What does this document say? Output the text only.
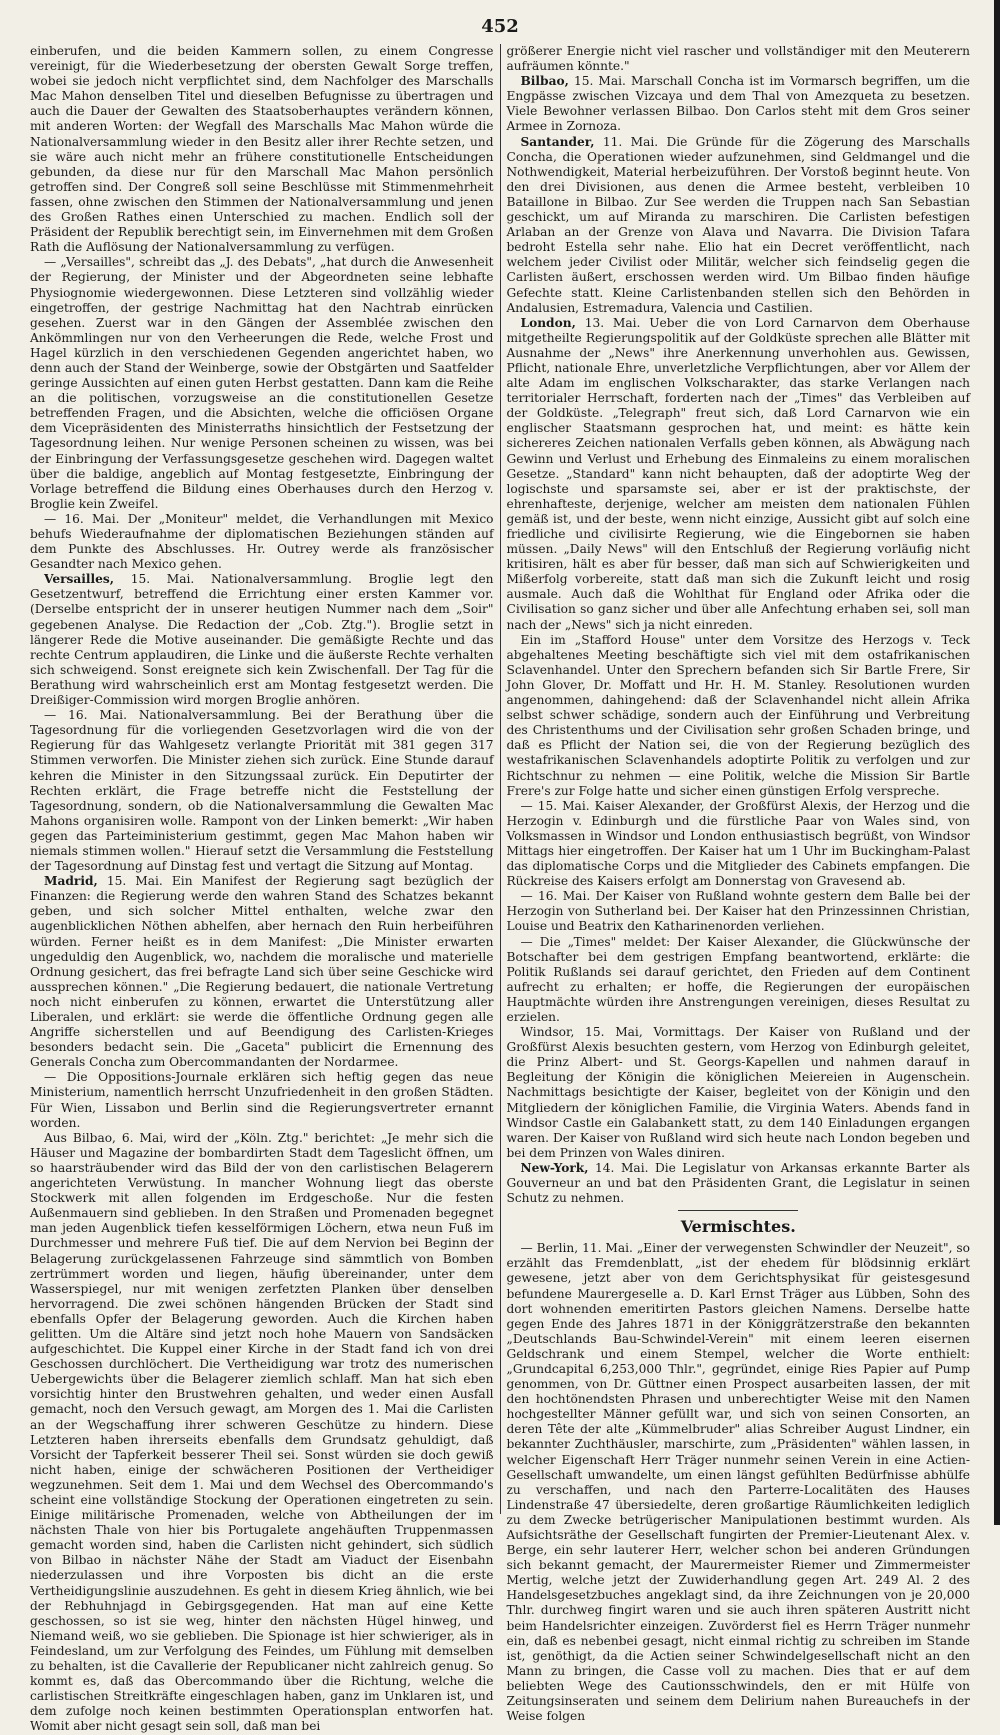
452

einberufen, und die beiden Kammern sollen, zu einem Congresse vereinigt, für die Wiederbesetzung der obersten Gewalt Sorge treffen, wobei sie jedoch nicht verpflichtet sind, dem Nachfolger des Marschalls Mac Mahon denselben Titel und dieselben Befugnisse zu übertragen und auch die Dauer der Gewalten des Staatsoberhauptes verändern können, mit anderen Worten: der Wegfall des Marschalls Mac Mahon würde die Nationalversammlung wieder in den Besitz aller ihrer Rechte setzen, und sie wäre auch nicht mehr an frühere constitutionelle Entscheidungen gebunden, da diese nur für den Marschall Mac Mahon persönlich getroffen sind. Der Congreß soll seine Beschlüsse mit Stimmenmehrheit fassen, ohne zwischen den Stimmen der Nationalversammlung und jenen des Großen Rathes einen Unterschied zu machen. Endlich soll der Präsident der Republik berechtigt sein, im Einvernehmen mit dem Großen Rath die Auflösung der Nationalversammlung zu verfügen.

— „Versailles", schreibt das „J. des Debats", „hat durch die Anwesenheit der Regierung, der Minister und der Abgeordneten seine lebhafte Physiognomie wiedergewonnen. Diese Letzteren sind vollzählig wieder eingetroffen, der gestrige Nachmittag hat den Nachtrab einrücken gesehen. Zuerst war in den Gängen der Assemblée zwischen den Ankömmlingen nur von den Verheerungen die Rede, welche Frost und Hagel kürzlich in den verschiedenen Gegenden angerichtet haben, wo denn auch der Stand der Weinberge, sowie der Obstgärten und Saatfelder geringe Aussichten auf einen guten Herbst gestatten. Dann kam die Reihe an die politischen, vorzugsweise an die constitutionellen Gesetze betreffenden Fragen, und die Absichten, welche die officiösen Organe dem Vicepräsidenten des Ministerraths hinsichtlich der Festsetzung der Tagesordnung leihen. Nur wenige Personen scheinen zu wissen, was bei der Einbringung der Verfassungsgesetze geschehen wird. Dagegen waltet über die baldige, angeblich auf Montag festgesetzte, Einbringung der Vorlage betreffend die Bildung eines Oberhauses durch den Herzog v. Broglie kein Zweifel.

— 16. Mai. Der „Moniteur" meldet, die Verhandlungen mit Mexico behufs Wiederaufnahme der diplomatischen Beziehungen ständen auf dem Punkte des Abschlusses. Hr. Outrey werde als französischer Gesandter nach Mexico gehen.

Versailles, 15. Mai. Nationalversammlung. Broglie legt den Gesetzentwurf, betreffend die Errichtung einer ersten Kammer vor. (Derselbe entspricht der in unserer heutigen Nummer nach dem „Soir" gegebenen Analyse. Die Redaction der „Cob. Ztg."). Broglie setzt in längerer Rede die Motive auseinander. Die gemäßigte Rechte und das rechte Centrum applaudiren, die Linke und die äußerste Rechte verhalten sich schweigend. Sonst ereignete sich kein Zwischenfall. Der Tag für die Berathung wird wahrscheinlich erst am Montag festgesetzt werden. Die Dreißiger-Commission wird morgen Broglie anhören.

— 16. Mai. Nationalversammlung. Bei der Berathung über die Tagesordnung für die vorliegenden Gesetzvorlagen wird die von der Regierung für das Wahlgesetz verlangte Priorität mit 381 gegen 317 Stimmen verworfen. Die Minister ziehen sich zurück. Eine Stunde darauf kehren die Minister in den Sitzungssaal zurück. Ein Deputirter der Rechten erklärt, die Frage betreffe nicht die Feststellung der Tagesordnung, sondern, ob die Nationalversammlung die Gewalten Mac Mahons organisiren wolle. Rampont von der Linken bemerkt: „Wir haben gegen das Parteiministerium gestimmt, gegen Mac Mahon haben wir niemals stimmen wollen." Hierauf setzt die Versammlung die Feststellung der Tagesordnung auf Dinstag fest und vertagt die Sitzung auf Montag.

Madrid, 15. Mai. Ein Manifest der Regierung sagt bezüglich der Finanzen: die Regierung werde den wahren Stand des Schatzes bekannt geben, und sich solcher Mittel enthalten, welche zwar den augenblicklichen Nöthen abhelfen, aber hernach den Ruin herbeiführen würden. Ferner heißt es in dem Manifest: „Die Minister erwarten ungeduldig den Augenblick, wo, nachdem die moralische und materielle Ordnung gesichert, das frei befragte Land sich über seine Geschicke wird aussprechen können." „Die Regierung bedauert, die nationale Vertretung noch nicht einberufen zu können, erwartet die Unterstützung aller Liberalen, und erklärt: sie werde die öffentliche Ordnung gegen alle Angriffe sicherstellen und auf Beendigung des Carlisten-Krieges besonders bedacht sein. Die „Gaceta" publicirt die Ernennung des Generals Concha zum Obercommandanten der Nordarmee.

— Die Oppositions-Journale erklären sich heftig gegen das neue Ministerium, namentlich herrscht Unzufriedenheit in den großen Städten. Für Wien, Lissabon und Berlin sind die Regierungsvertreter ernannt worden.

Aus Bilbao, 6. Mai, wird der „Köln. Ztg." berichtet: „Je mehr sich die Häuser und Magazine der bombardirten Stadt dem Tageslicht öffnen, um so haarsträubender wird das Bild der von den carlistischen Belagerern angerichteten Verwüstung. In mancher Wohnung liegt das oberste Stockwerk mit allen folgenden im Erdgeschoße. Nur die festen Außenmauern sind geblieben. In den Straßen und Promenaden begegnet man jeden Augenblick tiefen kesselförmigen Löchern, etwa neun Fuß im Durchmesser und mehrere Fuß tief. Die auf dem Nervion bei Beginn der Belagerung zurückgelassenen Fahrzeuge sind sämmtlich von Bomben zertrümmert worden und liegen, häufig übereinander, unter dem Wasserspiegel, nur mit wenigen zerfetzten Planken über denselben hervorragend. Die zwei schönen hängenden Brücken der Stadt sind ebenfalls Opfer der Belagerung geworden. Auch die Kirchen haben gelitten. Um die Altäre sind jetzt noch hohe Mauern von Sandsäcken aufgeschichtet. Die Kuppel einer Kirche in der Stadt fand ich von drei Geschossen durchlöchert. Die Vertheidigung war trotz des numerischen Uebergewichts über die Belagerer ziemlich schlaff. Man hat sich eben vorsichtig hinter den Brustwehren gehalten, und weder einen Ausfall gemacht, noch den Versuch gewagt, am Morgen des 1. Mai die Carlisten an der Wegschaffung ihrer schweren Geschütze zu hindern. Diese Letzteren haben ihrerseits ebenfalls dem Grundsatz gehuldigt, daß Vorsicht der Tapferkeit besserer Theil sei. Sonst würden sie doch gewiß nicht haben, einige der schwächeren Positionen der Vertheidiger wegzunehmen. Seit dem 1. Mai und dem Wechsel des Obercommando's scheint eine vollständige Stockung der Operationen eingetreten zu sein. Einige militärische Promenaden, welche von Abtheilungen der im nächsten Thale von hier bis Portugalete angehäuften Truppenmassen gemacht worden sind, haben die Carlisten nicht gehindert, sich südlich von Bilbao in nächster Nähe der Stadt am Viaduct der Eisenbahn niederzulassen und ihre Vorposten bis dicht an die erste Vertheidigungslinie auszudehnen. Es geht in diesem Krieg ähnlich, wie bei der Rebhuhnjagd in Gebirgsgegenden. Hat man auf eine Kette geschossen, so ist sie weg, hinter den nächsten Hügel hinweg, und Niemand weiß, wo sie geblieben. Die Spionage ist hier schwieriger, als in Feindesland, um zur Verfolgung des Feindes, um Fühlung mit demselben zu behalten, ist die Cavallerie der Republicaner nicht zahlreich genug. So kommt es, daß das Obercommando über die Richtung, welche die carlistischen Streitkräfte eingeschlagen haben, ganz im Unklaren ist, und dem zufolge noch keinen bestimmten Operationsplan entworfen hat. Womit aber nicht gesagt sein soll, daß man bei

größerer Energie nicht viel rascher und vollständiger mit den Meuterern aufräumen könnte."

Bilbao, 15. Mai. Marschall Concha ist im Vormarsch begriffen, um die Engpässe zwischen Vizcaya und dem Thal von Amezqueta zu besetzen. Viele Bewohner verlassen Bilbao. Don Carlos steht mit dem Gros seiner Armee in Zornoza.

Santander, 11. Mai. Die Gründe für die Zögerung des Marschalls Concha, die Operationen wieder aufzunehmen, sind Geldmangel und die Nothwendigkeit, Material herbeizuführen. Der Vorstoß beginnt heute. Von den drei Divisionen, aus denen die Armee besteht, verbleiben 10 Bataillone in Bilbao. Zur See werden die Truppen nach San Sebastian geschickt, um auf Miranda zu marschiren. Die Carlisten befestigen Arlaban an der Grenze von Alava und Navarra. Die Division Tafara bedroht Estella sehr nahe. Elio hat ein Decret veröffentlicht, nach welchem jeder Civilist oder Militär, welcher sich feindselig gegen die Carlisten äußert, erschossen werden wird. Um Bilbao finden häufige Gefechte statt. Kleine Carlistenbanden stellen sich den Behörden in Andalusien, Estremadura, Valencia und Castilien.

London, 13. Mai. Ueber die von Lord Carnarvon dem Oberhause mitgetheilte Regierungspolitik auf der Goldküste sprechen alle Blätter mit Ausnahme der „News" ihre Anerkennung unverhohlen aus. Gewissen, Pflicht, nationale Ehre, unverletzliche Verpflichtungen, aber vor Allem der alte Adam im englischen Volkscharakter, das starke Verlangen nach territorialer Herrschaft, forderten nach der „Times" das Verbleiben auf der Goldküste. „Telegraph" freut sich, daß Lord Carnarvon wie ein englischer Staatsmann gesprochen hat, und meint: es hätte kein sichereres Zeichen nationalen Verfalls geben können, als Abwägung nach Gewinn und Verlust und Erhebung des Einmaleins zu einem moralischen Gesetze. „Standard" kann nicht behaupten, daß der adoptirte Weg der logischste und sparsamste sei, aber er ist der praktischste, der ehrenhafteste, derjenige, welcher am meisten dem nationalen Fühlen gemäß ist, und der beste, wenn nicht einzige, Aussicht gibt auf solch eine friedliche und civilisirte Regierung, wie die Eingebornen sie haben müssen. „Daily News" will den Entschluß der Regierung vorläufig nicht kritisiren, hält es aber für besser, daß man sich auf Schwierigkeiten und Mißerfolg vorbereite, statt daß man sich die Zukunft leicht und rosig ausmale. Auch daß die Wohlthat für England oder Afrika oder die Civilisation so ganz sicher und über alle Anfechtung erhaben sei, soll man nach der „News" sich ja nicht einreden.

Ein im „Stafford House" unter dem Vorsitze des Herzogs v. Teck abgehaltenes Meeting beschäftigte sich viel mit dem ostafrikanischen Sclavenhandel. Unter den Sprechern befanden sich Sir Bartle Frere, Sir John Glover, Dr. Moffatt und Hr. H. M. Stanley. Resolutionen wurden angenommen, dahingehend: daß der Sclavenhandel nicht allein Afrika selbst schwer schädige, sondern auch der Einführung und Verbreitung des Christenthums und der Civilisation sehr großen Schaden bringe, und daß es Pflicht der Nation sei, die von der Regierung bezüglich des westafrikanischen Sclavenhandels adoptirte Politik zu verfolgen und zur Richtschnur zu nehmen — eine Politik, welche die Mission Sir Bartle Frere's zur Folge hatte und sicher einen günstigen Erfolg verspreche.

— 15. Mai. Kaiser Alexander, der Großfürst Alexis, der Herzog und die Herzogin v. Edinburgh und die fürstliche Paar von Wales sind, von Volksmassen in Windsor und London enthusiastisch begrüßt, von Windsor Mittags hier eingetroffen. Der Kaiser hat um 1 Uhr im Buckingham-Palast das diplomatische Corps und die Mitglieder des Cabinets empfangen. Die Rückreise des Kaisers erfolgt am Donnerstag von Gravesend ab.

— 16. Mai. Der Kaiser von Rußland wohnte gestern dem Balle bei der Herzogin von Sutherland bei. Der Kaiser hat den Prinzessinnen Christian, Louise und Beatrix den Katharinenorden verliehen.

— Die „Times" meldet: Der Kaiser Alexander, die Glückwünsche der Botschafter bei dem gestrigen Empfang beantwortend, erklärte: die Politik Rußlands sei darauf gerichtet, den Frieden auf dem Continent aufrecht zu erhalten; er hoffe, die Regierungen der europäischen Hauptmächte würden ihre Anstrengungen vereinigen, dieses Resultat zu erzielen.

Windsor, 15. Mai, Vormittags. Der Kaiser von Rußland und der Großfürst Alexis besuchten gestern, vom Herzog von Edinburgh geleitet, die Prinz Albert- und St. Georgs-Kapellen und nahmen darauf in Begleitung der Königin die königlichen Meiereien in Augenschein. Nachmittags besichtigte der Kaiser, begleitet von der Königin und den Mitgliedern der königlichen Familie, die Virginia Waters. Abends fand in Windsor Castle ein Galabankett statt, zu dem 140 Einladungen ergangen waren. Der Kaiser von Rußland wird sich heute nach London begeben und bei dem Prinzen von Wales diniren.

New-York, 14. Mai. Die Legislatur von Arkansas erkannte Barter als Gouverneur an und bat den Präsidenten Grant, die Legislatur in seinen Schutz zu nehmen.

Vermischtes.

— Berlin, 11. Mai. „Einer der verwegensten Schwindler der Neuzeit", so erzählt das Fremdenblatt, „ist der ehedem für blödsinnig erklärt gewesene, jetzt aber von dem Gerichtsphysikat für geistesgesund befundene Maurergeselle a. D. Karl Ernst Träger aus Lübben, Sohn des dort wohnenden emeritirten Pastors gleichen Namens. Derselbe hatte gegen Ende des Jahres 1871 in der Königgrätzerstraße den bekannten „Deutschlands Bau-Schwindel-Verein" mit einem leeren eisernen Geldschrank und einem Stempel, welcher die Worte enthielt: „Grundcapital 6,253,000 Thlr.", gegründet, einige Ries Papier auf Pump genommen, von Dr. Güttner einen Prospect ausarbeiten lassen, der mit den hochtönendsten Phrasen und unberechtigter Weise mit den Namen hochgestellter Männer gefüllt war, und sich von seinen Consorten, an deren Tête der alte „Kümmelbruder" alias Schreiber August Lindner, ein bekannter Zuchthäusler, marschirte, zum „Präsidenten" wählen lassen, in welcher Eigenschaft Herr Träger nunmehr seinen Verein in eine Actien-Gesellschaft umwandelte, um einen längst gefühlten Bedürfnisse abhülfe zu verschaffen, und nach den Parterre-Localitäten des Hauses Lindenstraße 47 übersiedelte, deren großartige Räumlichkeiten lediglich zu dem Zwecke betrügerischer Manipulationen bestimmt wurden. Als Aufsichtsräthe der Gesellschaft fungirten der Premier-Lieutenant Alex. v. Berge, ein sehr lauterer Herr, welcher schon bei anderen Gründungen sich bekannt gemacht, der Maurermeister Riemer und Zimmermeister Mertig, welche jetzt der Zuwiderhandlung gegen Art. 249 Al. 2 des Handelsgesetzbuches angeklagt sind, da ihre Zeichnungen von je 20,000 Thlr. durchweg fingirt waren und sie auch ihren späteren Austritt nicht beim Handelsrichter einzeigen. Zuvörderst fiel es Herrn Träger nunmehr ein, daß es nebenbei gesagt, nicht einmal richtig zu schreiben im Stande ist, genöthigt, da die Actien seiner Schwindelgesellschaft nicht an den Mann zu bringen, die Casse voll zu machen. Dies that er auf dem beliebten Wege des Cautionsschwindels, den er mit Hülfe von Zeitungsinseraten und seinem dem Delirium nahen Bureauchefs in der Weise folgen
